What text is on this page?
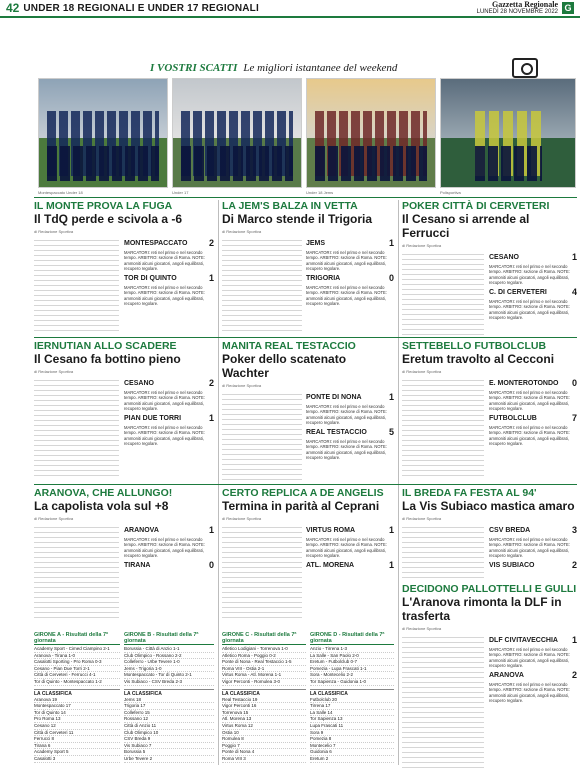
42 UNDER 18 REGIONALI E UNDER 17 REGIONALI	Gazzetta Regionale
LUNEDÌ 28 NOVEMBRE 2022 G
I VOSTRI SCATTI Le migliori istantanee del weekend
Montespaccato Under 18	Under 17	Under 18 Jems	Polisportiva
IL MONTE PROVA LA FUGA
Il TdQ perde e scivola a -6
di Redazione Sportiva
MONTESPACCATO 2
MARCATORI: reti nel primo e nel secondo tempo. ARBITRO: sezione di Roma. NOTE: ammoniti alcuni giocatori, angoli equilibrati, recupero regolare.
TOR DI QUINTO	1
MARCATORI: reti nel primo e nel secondo tempo. ARBITRO: sezione di Roma. NOTE: ammoniti alcuni giocatori, angoli equilibrati, recupero regolare.
LA JEM'S BALZA IN VETTA
Di Marco stende il Trigoria
di Redazione Sportiva
JEMS	1
MARCATORI: reti nel primo e nel secondo tempo. ARBITRO: sezione di Roma. NOTE: ammoniti alcuni giocatori, angoli equilibrati, recupero regolare.
TRIGORIA	0
MARCATORI: reti nel primo e nel secondo tempo. ARBITRO: sezione di Roma. NOTE: ammoniti alcuni giocatori, angoli equilibrati, recupero regolare.
POKER CITTÀ DI CERVETERI
Il Cesano si arrende al Ferrucci
di Redazione Sportiva
CESANO	1
MARCATORI: reti nel primo e nel secondo tempo. ARBITRO: sezione di Roma. NOTE: ammoniti alcuni giocatori, angoli equilibrati, recupero regolare.
C. DI CERVETERI	4
MARCATORI: reti nel primo e nel secondo tempo. ARBITRO: sezione di Roma. NOTE: ammoniti alcuni giocatori, angoli equilibrati, recupero regolare.
IERNUTIAN ALLO SCADERE
Il Cesano fa bottino pieno
di Redazione Sportiva
CESANO	2
MARCATORI: reti nel primo e nel secondo tempo. ARBITRO: sezione di Roma. NOTE: ammoniti alcuni giocatori, angoli equilibrati, recupero regolare.
PIAN DUE TORRI	1
MARCATORI: reti nel primo e nel secondo tempo. ARBITRO: sezione di Roma. NOTE: ammoniti alcuni giocatori, angoli equilibrati, recupero regolare.
MANITA REAL TESTACCIO
Poker dello scatenato Wachter
di Redazione Sportiva
PONTE DI NONA	1
MARCATORI: reti nel primo e nel secondo tempo. ARBITRO: sezione di Roma. NOTE: ammoniti alcuni giocatori, angoli equilibrati, recupero regolare.
REAL TESTACCIO 5
MARCATORI: reti nel primo e nel secondo tempo. ARBITRO: sezione di Roma. NOTE: ammoniti alcuni giocatori, angoli equilibrati, recupero regolare.
SETTEBELLO FUTBOLCLUB
Eretum travolto al Cecconi
di Redazione Sportiva
E. MONTEROTONDO 0
MARCATORI: reti nel primo e nel secondo tempo. ARBITRO: sezione di Roma. NOTE: ammoniti alcuni giocatori, angoli equilibrati, recupero regolare.
FUTBOLCLUB	7
MARCATORI: reti nel primo e nel secondo tempo. ARBITRO: sezione di Roma. NOTE: ammoniti alcuni giocatori, angoli equilibrati, recupero regolare.
ARANOVA, CHE ALLUNGO!
La capolista vola sul +8
di Redazione Sportiva
ARANOVA	1
MARCATORI: reti nel primo e nel secondo tempo. ARBITRO: sezione di Roma. NOTE: ammoniti alcuni giocatori, angoli equilibrati, recupero regolare.
TIRANA	0
CERTO REPLICA A DE ANGELIS
Termina in parità al Ceprani
di Redazione Sportiva
VIRTUS ROMA	1
MARCATORI: reti nel primo e nel secondo tempo. ARBITRO: sezione di Roma. NOTE: ammoniti alcuni giocatori, angoli equilibrati, recupero regolare.
ATL. MORENA	1
IL BREDA FA FESTA AL 94'
La Vis Subiaco mastica amaro
di Redazione Sportiva
CSV BREDA	3
MARCATORI: reti nel primo e nel secondo tempo. ARBITRO: sezione di Roma. NOTE: ammoniti alcuni giocatori, angoli equilibrati, recupero regolare.
VIS SUBIACO	2
DECIDONO PALLOTTELLI E GULLI
L'Aranova rimonta la DLF in trasferta
di Redazione Sportiva
DLF CIVITAVECCHIA 1
MARCATORI: reti nel primo e nel secondo tempo. ARBITRO: sezione di Roma. NOTE: ammoniti alcuni giocatori, angoli equilibrati, recupero regolare.
ARANOVA	2
MARCATORI: reti nel primo e nel secondo tempo. ARBITRO: sezione di Roma. NOTE: ammoniti alcuni giocatori, angoli equilibrati, recupero regolare.
GIRONE A - Risultati della 7ª giornata
Academy Sport - Cimed Ciampino 2-1
Aranova - Tirana 1-0
Casalotti Sporting - Pro Roma 0-3
Cesano - Pian Due Torri 2-1
Città di Cerveteri - Ferrucci 4-1
Tor di Quinto - Montespaccato 1-2
LA CLASSIFICA
Aranova 19
Montespaccato 17
Tor di Quinto 14
Pro Roma 13
Cesano 12
Città di Cerveteri 11
Ferrucci 8
Tirana 6
Academy Sport 5
Casalotti 3
GIRONE B - Risultati della 7ª giornata
Borussia - Città di Anzio 1-1
Club Olimpico - Rossano 2-2
Colleferro - Urbe Tevere 1-0
Jems - Trigoria 1-0
Montespaccato - Tor di Quinto 2-1
Vis Subiaco - CSV Breda 2-3
LA CLASSIFICA
Jems 18
Trigoria 17
Colleferro 15
Rossano 12
Città di Anzio 11
Club Olimpico 10
CSV Breda 9
Vis Subiaco 7
Borussia 5
Urbe Tevere 2
GIRONE C - Risultati della 7ª giornata
Atletico Lodigiani - Torrenova 1-0
Atletico Roma - Poggio 0-2
Ponte di Nona - Real Testaccio 1-5
Roma VIII - Ostia 2-1
Virtus Roma - Atl. Morena 1-1
Vigor Perconti - Romulea 3-0
LA CLASSIFICA
Real Testaccio 19
Vigor Perconti 16
Torrenova 15
Atl. Morena 13
Virtus Roma 12
Ostia 10
Romulea 8
Poggio 7
Ponte di Nona 4
Roma VIII 3
GIRONE D - Risultati della 7ª giornata
Anzio - Tirrena 1-3
La Salle - San Paolo 2-0
Eretum - Futbolclub 0-7
Pomezia - Lupa Frascati 1-1
Sora - Montecelio 2-2
Tor Sapienza - Guidonia 1-0
LA CLASSIFICA
Futbolclub 20
Tirrena 17
La Salle 14
Tor Sapienza 13
Lupa Frascati 11
Sora 9
Pomezia 8
Montecelio 7
Guidonia 6
Eretum 2
